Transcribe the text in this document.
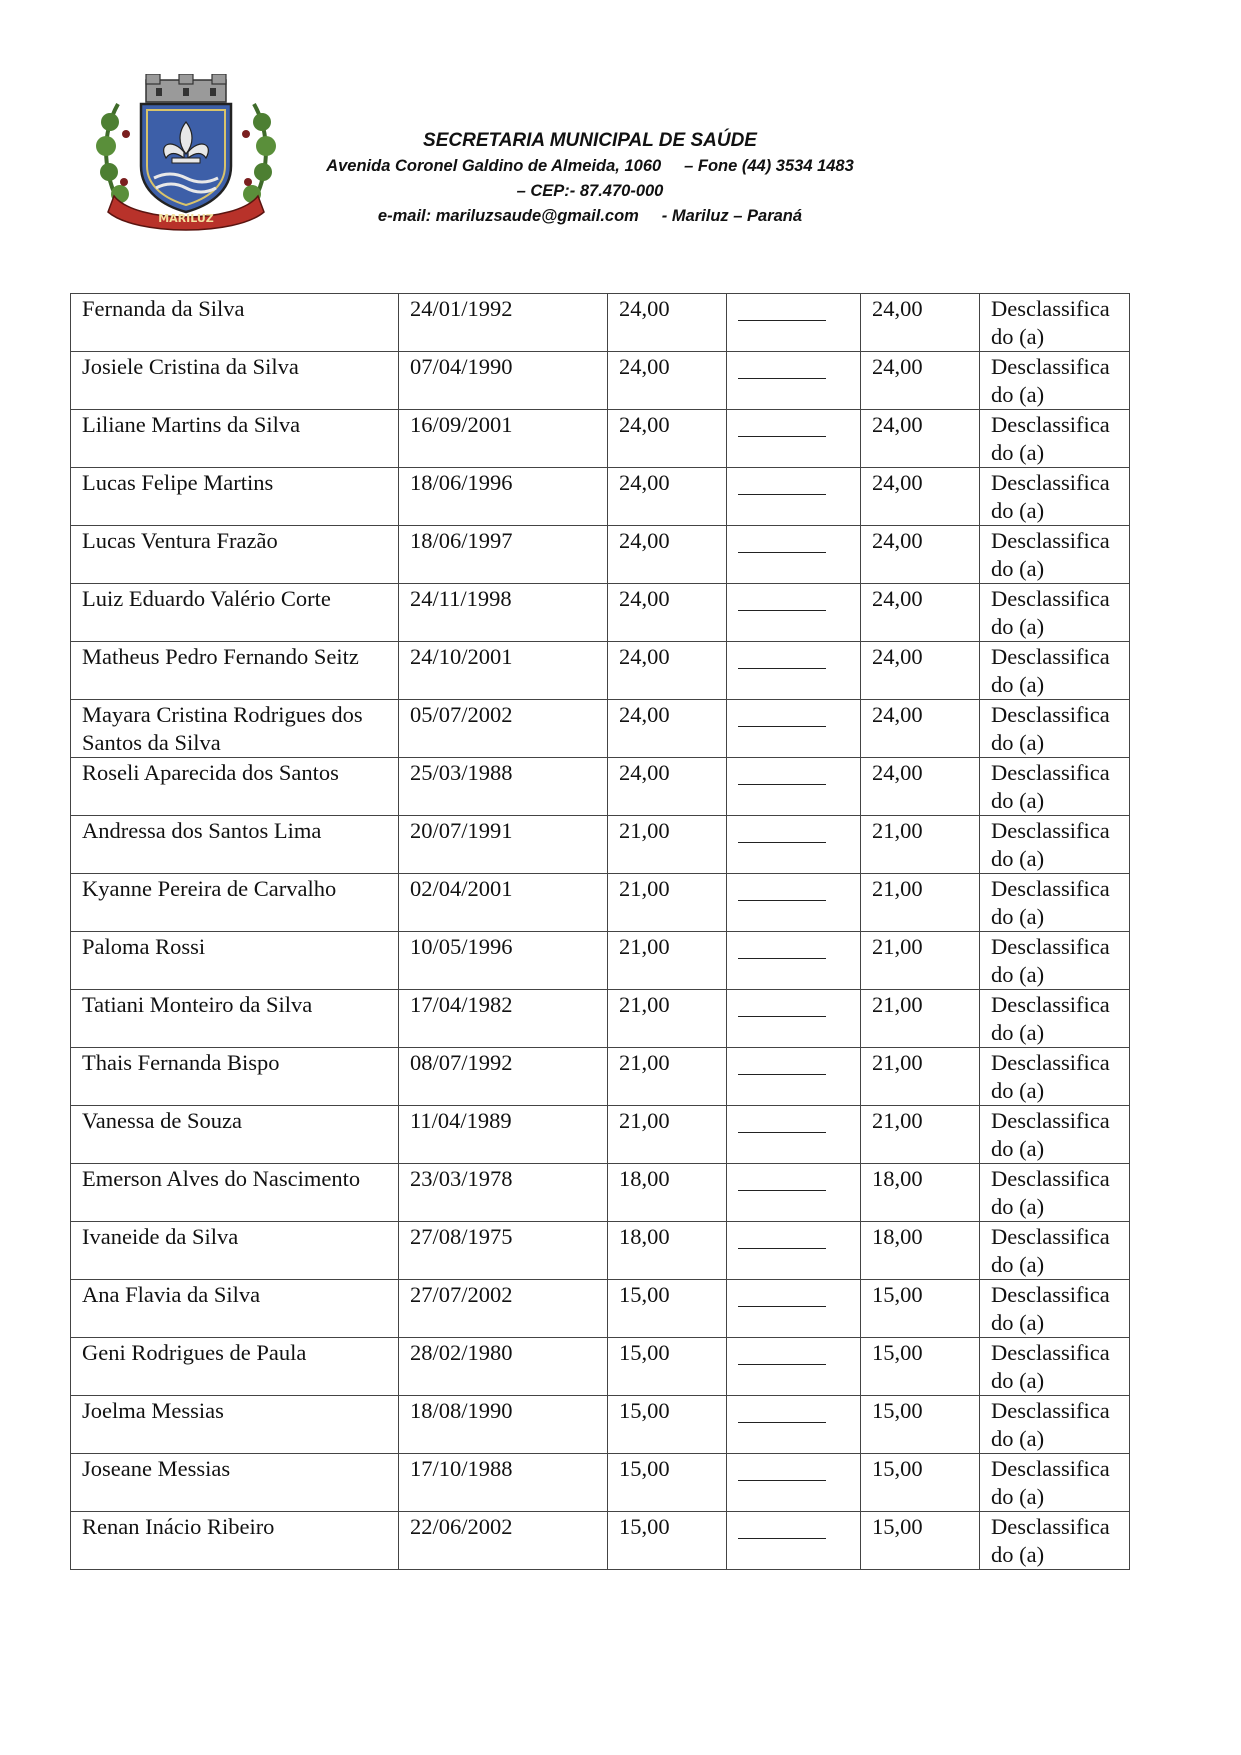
MARILUZ
SECRETARIA MUNICIPAL DE SAÚDE
Avenida Coronel Galdino de Almeida, 1060     – Fone (44) 3534 1483
– CEP:- 87.470-000
e-mail: mariluzsaude@gmail.com     - Mariluz – Paraná
Fernanda da Silva	24/01/1992	24,00		24,00	Desclassificado (a)

Josiele Cristina da Silva	07/04/1990	24,00		24,00	Desclassificado (a)

Liliane Martins da Silva	16/09/2001	24,00		24,00	Desclassificado (a)

Lucas Felipe Martins	18/06/1996	24,00		24,00	Desclassificado (a)

Lucas Ventura Frazão	18/06/1997	24,00		24,00	Desclassificado (a)

Luiz Eduardo Valério Corte	24/11/1998	24,00		24,00	Desclassificado (a)

Matheus Pedro Fernando Seitz	24/10/2001	24,00		24,00	Desclassificado (a)

Mayara Cristina Rodrigues dos Santos da Silva	05/07/2002	24,00		24,00	Desclassificado (a)

Roseli Aparecida dos Santos	25/03/1988	24,00		24,00	Desclassificado (a)

Andressa dos Santos Lima	20/07/1991	21,00		21,00	Desclassificado (a)

Kyanne Pereira de Carvalho	02/04/2001	21,00		21,00	Desclassificado (a)

Paloma Rossi	10/05/1996	21,00		21,00	Desclassificado (a)

Tatiani Monteiro da Silva	17/04/1982	21,00		21,00	Desclassificado (a)

Thais Fernanda Bispo	08/07/1992	21,00		21,00	Desclassificado (a)

Vanessa de Souza	11/04/1989	21,00		21,00	Desclassificado (a)

Emerson Alves do Nascimento	23/03/1978	18,00		18,00	Desclassificado (a)

Ivaneide da Silva	27/08/1975	18,00		18,00	Desclassificado (a)

Ana Flavia da Silva	27/07/2002	15,00		15,00	Desclassificado (a)

Geni Rodrigues de Paula	28/02/1980	15,00		15,00	Desclassificado (a)

Joelma Messias	18/08/1990	15,00		15,00	Desclassificado (a)

Joseane Messias	17/10/1988	15,00		15,00	Desclassificado (a)

Renan Inácio Ribeiro	22/06/2002	15,00		15,00	Desclassificado (a)
